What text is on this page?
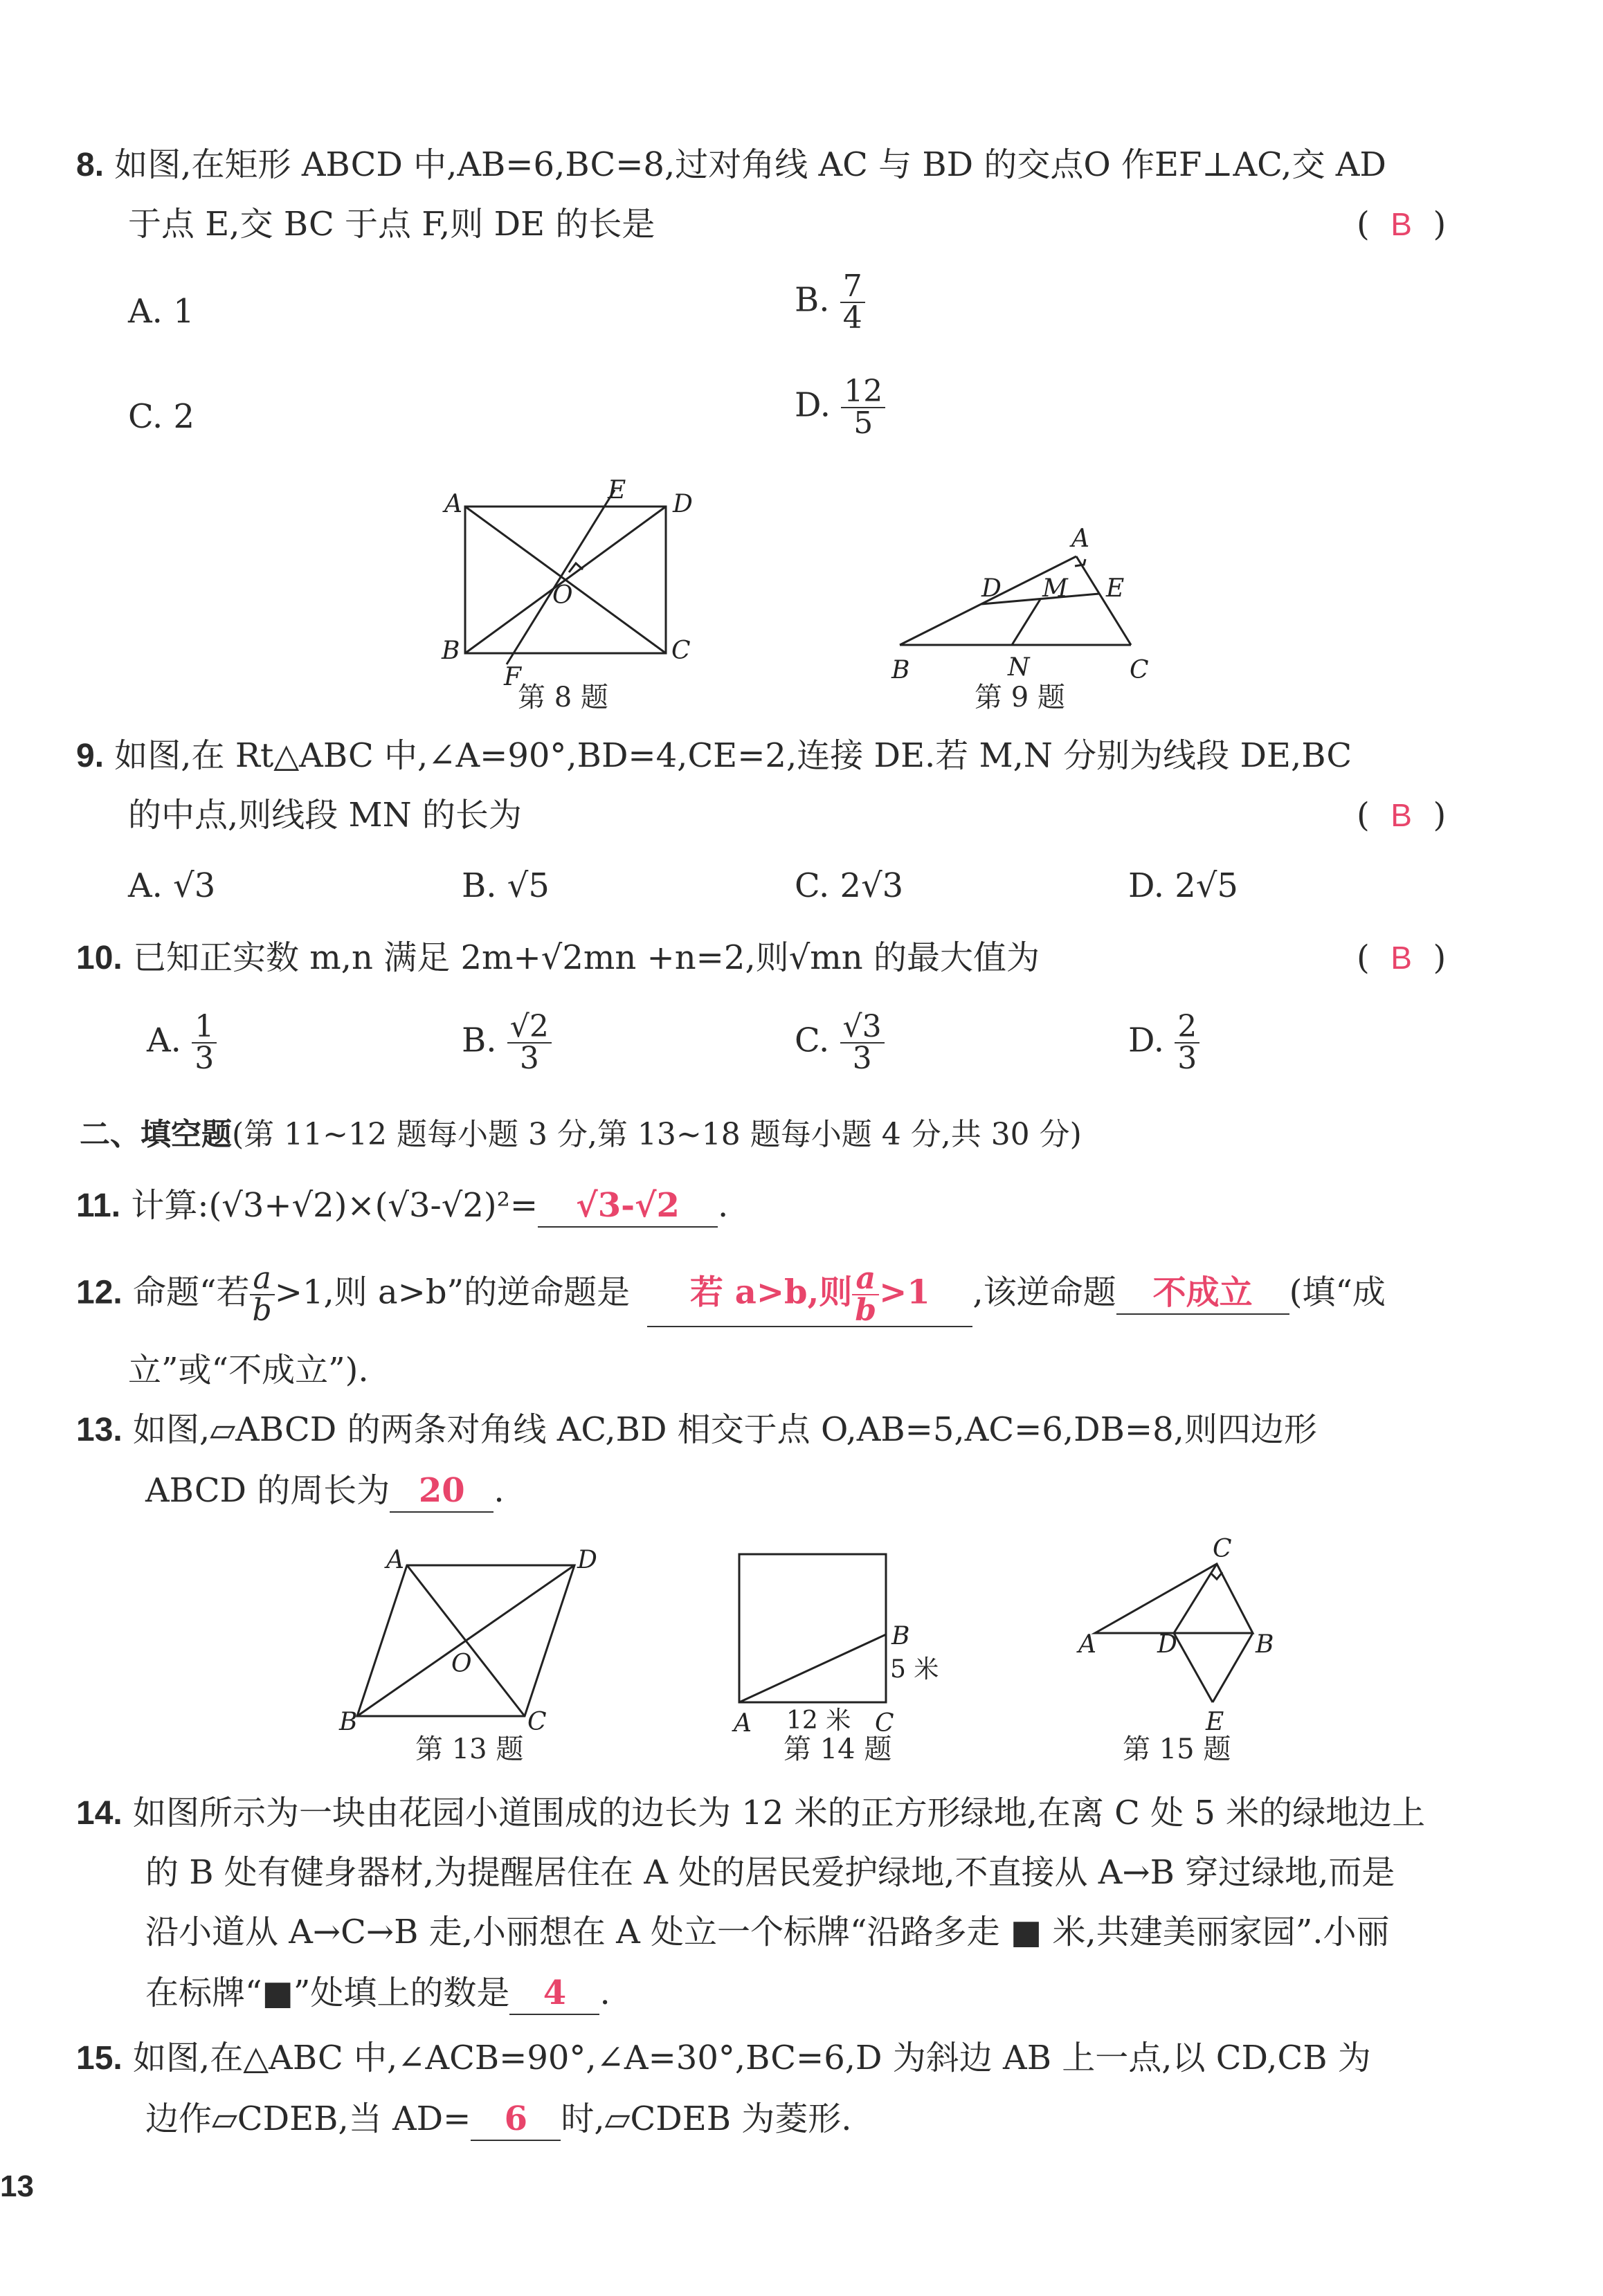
8. 如图,在矩形 ABCD 中,AB=6,BC=8,过对角线 AC 与 BD 的交点O 作EF⊥AC,交 AD
于点 E,交 BC 于点 F,则 DE 的长是	(  B  )
A. 1	B. $\frac{7}{4}$
C. 2	D. $\frac{12}{5}$
A	E D
O
B
F
C
第 8 题
A
D M E
B	N	C
第 9 题
9. 如图,在 Rt△ABC 中,∠A=90°,BD=4,CE=2,连接 DE.若 M,N 分别为线段 DE,BC
的中点,则线段 MN 的长为	(  B  )
A. √3	B. √5	C. 2√3	D. 2√5
10. 已知正实数 m,n 满足 2m+√2mn +n=2,则√mn 的最大值为	(  B  )
A. $\frac{1}{3}$	B. $\frac{√2}{3}$	C. $\frac{√3}{3}$	D. $\frac{2}{3}$
二、填空题(第 11~12 题每小题 3 分,第 13~18 题每小题 4 分,共 30 分)
11. 计算:(√3+√2)×(√3-√2)²= √3-√2 .
12. 命题“若 $\frac{a}{b} >1$,则 a>b”的逆命题是 若 a>b,则 $\frac{a}{b} >1$ ,该逆命题 不成立 (填“成
立”或“不成立”).
13. 如图,▱ABCD 的两条对角线 AC,BD 相交于点 O,AB=5,AC=6,DB=8,则四边形
ABCD 的周长为 20 .
A	D
O
B	C
第 13 题
B
5 米
A 12 米 C
第 14 题
C
A D	B
E
第 15 题
14. 如图所示为一块由花园小道围成的边长为 12 米的正方形绿地,在离 C 处 5 米的绿地边上
的 B 处有健身器材,为提醒居住在 A 处的居民爱护绿地,不直接从 A→B 穿过绿地,而是
沿小道从 A→C→B 走,小丽想在 A 处立一个标牌“沿路多走 ■ 米,共建美丽家园”.小丽
在标牌“■”处填上的数是 4 .
15. 如图,在△ABC 中,∠ACB=90°,∠A=30°,BC=6,D 为斜边 AB 上一点,以 CD,CB 为
边作▱CDEB,当 AD= 6 时,▱CDEB 为菱形.
13
